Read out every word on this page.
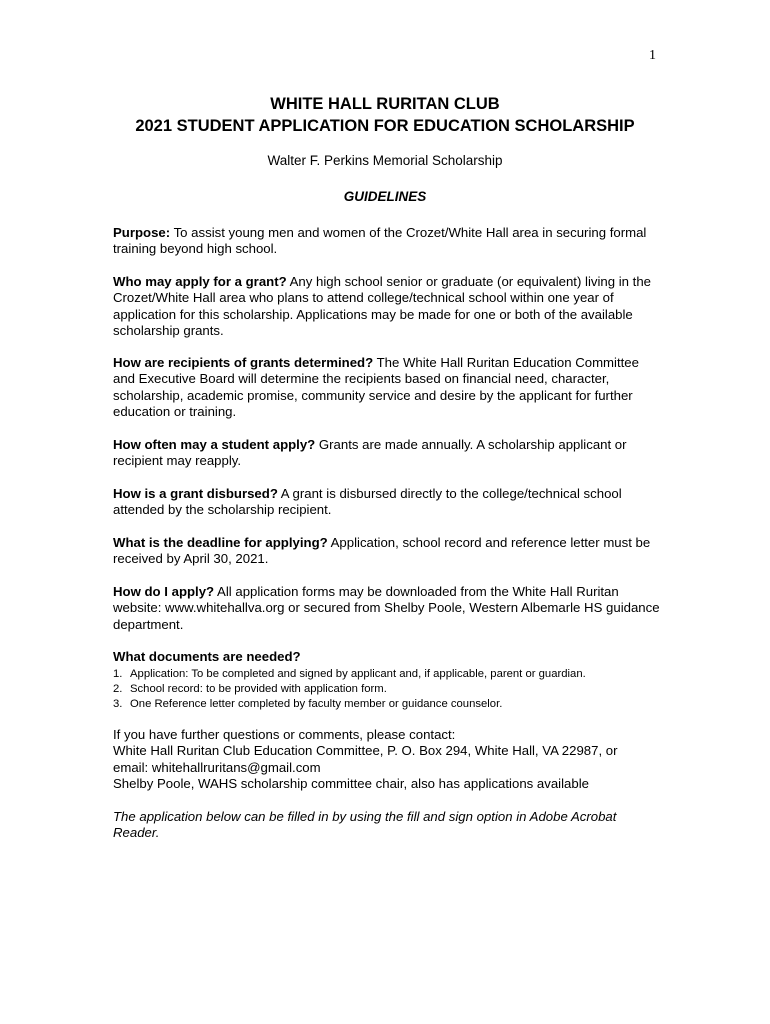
1
WHITE HALL RURITAN CLUB
2021 STUDENT APPLICATION FOR EDUCATION SCHOLARSHIP
Walter F. Perkins Memorial Scholarship
GUIDELINES
Purpose: To assist young men and women of the Crozet/White Hall area in securing formal training beyond high school.
Who may apply for a grant? Any high school senior or graduate (or equivalent) living in the Crozet/White Hall area who plans to attend college/technical school within one year of application for this scholarship. Applications may be made for one or both of the available scholarship grants.
How are recipients of grants determined? The White Hall Ruritan Education Committee and Executive Board will determine the recipients based on financial need, character, scholarship, academic promise, community service and desire by the applicant for further education or training.
How often may a student apply? Grants are made annually. A scholarship applicant or recipient may reapply.
How is a grant disbursed? A grant is disbursed directly to the college/technical school attended by the scholarship recipient.
What is the deadline for applying? Application, school record and reference letter must be received by April 30, 2021.
How do I apply? All application forms may be downloaded from the White Hall Ruritan website: www.whitehallva.org or secured from Shelby Poole, Western Albemarle HS guidance department.
What documents are needed?
1. Application: To be completed and signed by applicant and, if applicable, parent or guardian.
2. School record: to be provided with application form.
3. One Reference letter completed by faculty member or guidance counselor.
If you have further questions or comments, please contact:
White Hall Ruritan Club Education Committee, P. O. Box 294, White Hall, VA 22987, or
email: whitehallruritans@gmail.com
Shelby Poole, WAHS scholarship committee chair, also has applications available
The application below can be filled in by using the fill and sign option in Adobe Acrobat Reader.
